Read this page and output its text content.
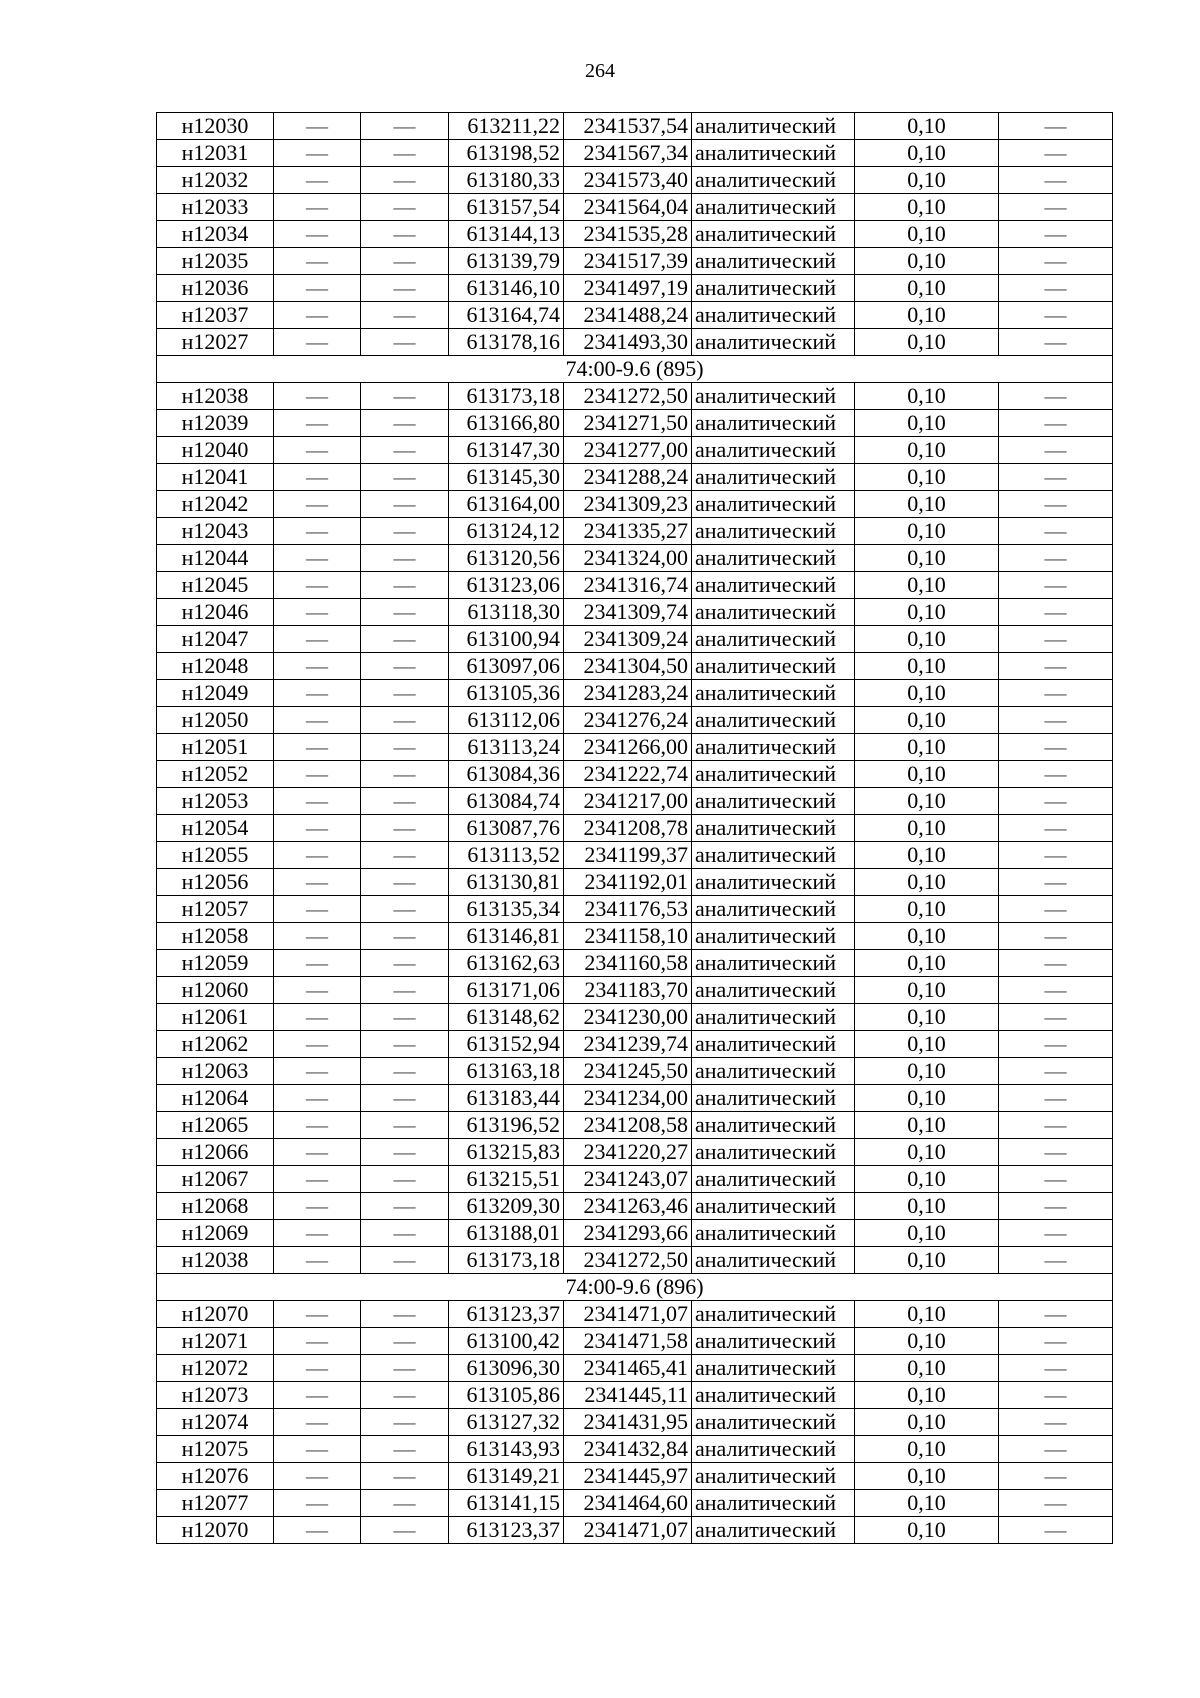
264
н12030	—	—	613211,22	2341537,54	аналитический	0,10	—
н12031	—	—	613198,52	2341567,34	аналитический	0,10	—
н12032	—	—	613180,33	2341573,40	аналитический	0,10	—
н12033	—	—	613157,54	2341564,04	аналитический	0,10	—
н12034	—	—	613144,13	2341535,28	аналитический	0,10	—
н12035	—	—	613139,79	2341517,39	аналитический	0,10	—
н12036	—	—	613146,10	2341497,19	аналитический	0,10	—
н12037	—	—	613164,74	2341488,24	аналитический	0,10	—
н12027	—	—	613178,16	2341493,30	аналитический	0,10	—
74:00-9.6 (895)							
н12038	—	—	613173,18	2341272,50	аналитический	0,10	—
н12039	—	—	613166,80	2341271,50	аналитический	0,10	—
н12040	—	—	613147,30	2341277,00	аналитический	0,10	—
н12041	—	—	613145,30	2341288,24	аналитический	0,10	—
н12042	—	—	613164,00	2341309,23	аналитический	0,10	—
н12043	—	—	613124,12	2341335,27	аналитический	0,10	—
н12044	—	—	613120,56	2341324,00	аналитический	0,10	—
н12045	—	—	613123,06	2341316,74	аналитический	0,10	—
н12046	—	—	613118,30	2341309,74	аналитический	0,10	—
н12047	—	—	613100,94	2341309,24	аналитический	0,10	—
н12048	—	—	613097,06	2341304,50	аналитический	0,10	—
н12049	—	—	613105,36	2341283,24	аналитический	0,10	—
н12050	—	—	613112,06	2341276,24	аналитический	0,10	—
н12051	—	—	613113,24	2341266,00	аналитический	0,10	—
н12052	—	—	613084,36	2341222,74	аналитический	0,10	—
н12053	—	—	613084,74	2341217,00	аналитический	0,10	—
н12054	—	—	613087,76	2341208,78	аналитический	0,10	—
н12055	—	—	613113,52	2341199,37	аналитический	0,10	—
н12056	—	—	613130,81	2341192,01	аналитический	0,10	—
н12057	—	—	613135,34	2341176,53	аналитический	0,10	—
н12058	—	—	613146,81	2341158,10	аналитический	0,10	—
н12059	—	—	613162,63	2341160,58	аналитический	0,10	—
н12060	—	—	613171,06	2341183,70	аналитический	0,10	—
н12061	—	—	613148,62	2341230,00	аналитический	0,10	—
н12062	—	—	613152,94	2341239,74	аналитический	0,10	—
н12063	—	—	613163,18	2341245,50	аналитический	0,10	—
н12064	—	—	613183,44	2341234,00	аналитический	0,10	—
н12065	—	—	613196,52	2341208,58	аналитический	0,10	—
н12066	—	—	613215,83	2341220,27	аналитический	0,10	—
н12067	—	—	613215,51	2341243,07	аналитический	0,10	—
н12068	—	—	613209,30	2341263,46	аналитический	0,10	—
н12069	—	—	613188,01	2341293,66	аналитический	0,10	—
н12038	—	—	613173,18	2341272,50	аналитический	0,10	—
74:00-9.6 (896)							
н12070	—	—	613123,37	2341471,07	аналитический	0,10	—
н12071	—	—	613100,42	2341471,58	аналитический	0,10	—
н12072	—	—	613096,30	2341465,41	аналитический	0,10	—
н12073	—	—	613105,86	2341445,11	аналитический	0,10	—
н12074	—	—	613127,32	2341431,95	аналитический	0,10	—
н12075	—	—	613143,93	2341432,84	аналитический	0,10	—
н12076	—	—	613149,21	2341445,97	аналитический	0,10	—
н12077	—	—	613141,15	2341464,60	аналитический	0,10	—
н12070	—	—	613123,37	2341471,07	аналитический	0,10	—
